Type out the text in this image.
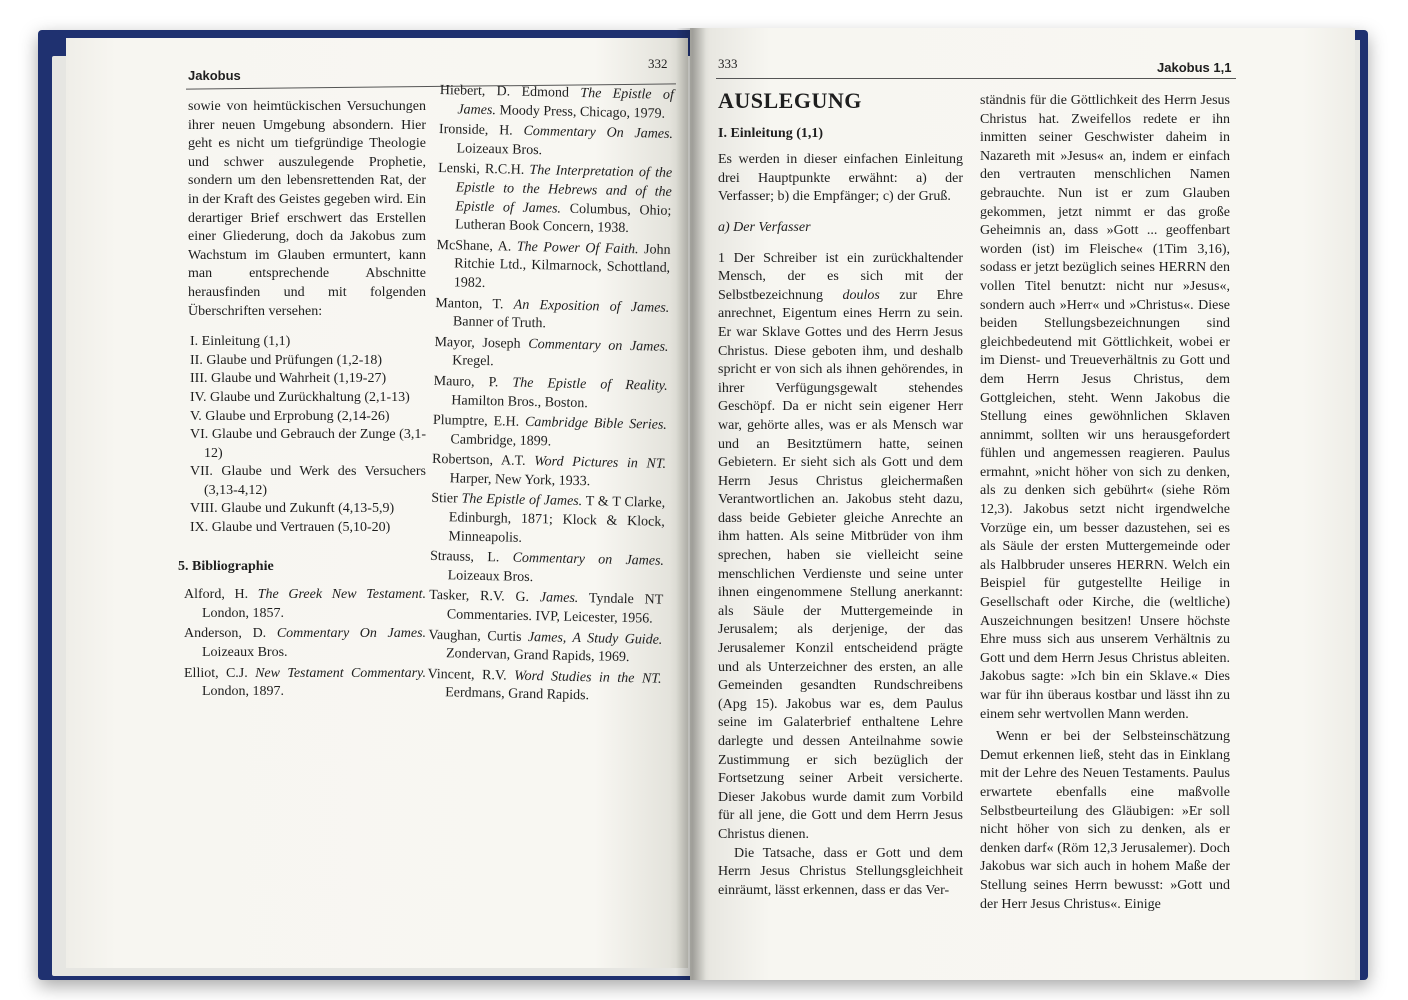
Jakobus
332

sowie von heimtückischen Versuchungen ihrer neuen Umgebung absondern. Hier geht es nicht um tiefgründige Theologie und schwer auszulegende Prophetie, sondern um den lebensrettenden Rat, der in der Kraft des Geistes gegeben wird. Ein derartiger Brief erschwert das Erstellen einer Gliederung, doch da Jakobus zum Wachstum im Glauben ermuntert, kann man entsprechende Abschnitte herausfinden und mit folgenden Überschriften versehen:

I. Einleitung (1,1)

II. Glaube und Prüfungen (1,2-18)

III. Glaube und Wahrheit (1,19-27)

IV. Glaube und Zurückhaltung (2,1-13)

V. Glaube und Erprobung (2,14-26)

VI. Glaube und Gebrauch der Zunge (3,1-12)

VII. Glaube und Werk des Versuchers (3,13-4,12)

VIII. Glaube und Zukunft (4,13-5,9)

IX. Glaube und Vertrauen (5,10-20)

5. Bibliographie

Alford, H. The Greek New Testament. London, 1857.

Anderson, D. Commentary On James. Loizeaux Bros.

Elliot, C.J. New Testament Commentary. London, 1897.

Hiebert, D. Edmond The Epistle of James. Moody Press, Chicago, 1979.

Ironside, H. Commentary On James. Loizeaux Bros.

Lenski, R.C.H. The Interpretation of the Epistle to the Hebrews and of the Epistle of James. Columbus, Ohio; Lutheran Book Concern, 1938.

McShane, A. The Power Of Faith. John Ritchie Ltd., Kilmarnock, Schottland, 1982.

Manton, T. An Exposition of James. Banner of Truth.

Mayor, Joseph Commentary on James. Kregel.

Mauro, P. The Epistle of Reality. Hamilton Bros., Boston.

Plumptre, E.H. Cambridge Bible Series. Cambridge, 1899.

Robertson, A.T. Word Pictures in NT. Harper, New York, 1933.

Stier The Epistle of James. T & T Clarke, Edinburgh, 1871; Klock & Klock, Minneapolis.

Strauss, L. Commentary on James. Loizeaux Bros.

Tasker, R.V. G. James. Tyndale NT Commentaries. IVP, Leicester, 1956.

Vaughan, Curtis James, A Study Guide. Zondervan, Grand Rapids, 1969.

Vincent, R.V. Word Studies in the NT. Eerdmans, Grand Rapids.

333	Jakobus 1,1
AUSLEGUNG
I. Einleitung (1,1)

Es werden in dieser einfachen Einleitung drei Hauptpunkte erwähnt: a) der Verfasser; b) die Empfänger; c) der Gruß.

a) Der Verfasser

1 Der Schreiber ist ein zurückhaltender Mensch, der es sich mit der Selbstbezeichnung doulos zur Ehre anrechnet, Eigentum eines Herrn zu sein. Er war Sklave Gottes und des Herrn Jesus Christus. Diese geboten ihm, und deshalb spricht er von sich als ihnen gehörendes, in ihrer Verfügungsgewalt stehendes Geschöpf. Da er nicht sein eigener Herr war, gehörte alles, was er als Mensch war und an Besitztümern hatte, seinen Gebietern. Er sieht sich als Gott und dem Herrn Jesus Christus gleichermaßen Verantwortlichen an. Jakobus steht dazu, dass beide Gebieter gleiche Anrechte an ihm hatten. Als seine Mitbrüder von ihm sprechen, haben sie vielleicht seine menschlichen Verdienste und seine unter ihnen eingenommene Stellung anerkannt: als Säule der Muttergemeinde in Jerusalem; als derjenige, der das Jerusalemer Konzil entscheidend prägte und als Unterzeichner des ersten, an alle Gemeinden gesandten Rundschreibens (Apg 15). Jakobus war es, dem Paulus seine im Galaterbrief enthaltene Lehre darlegte und dessen Anteilnahme sowie Zustimmung er sich bezüglich der Fortsetzung seiner Arbeit versicherte. Dieser Jakobus wurde damit zum Vorbild für all jene, die Gott und dem Herrn Jesus Christus dienen.

Die Tatsache, dass er Gott und dem Herrn Jesus Christus Stellungsgleichheit einräumt, lässt erkennen, dass er das Ver-

ständnis für die Göttlichkeit des Herrn Jesus Christus hat. Zweifellos redete er ihn inmitten seiner Geschwister daheim in Nazareth mit »Jesus« an, indem er einfach den vertrauten menschlichen Namen gebrauchte. Nun ist er zum Glauben gekommen, jetzt nimmt er das große Geheimnis an, dass »Gott ... geoffenbart worden (ist) im Fleische« (1Tim 3,16), sodass er jetzt bezüglich seines HERRN den vollen Titel benutzt: nicht nur »Jesus«, sondern auch »Herr« und »Christus«. Diese beiden Stellungsbezeichnungen sind gleichbedeutend mit Göttlichkeit, wobei er im Dienst- und Treueverhältnis zu Gott und dem Herrn Jesus Christus, dem Gottgleichen, steht. Wenn Jakobus die Stellung eines gewöhnlichen Sklaven annimmt, sollten wir uns herausgefordert fühlen und angemessen reagieren. Paulus ermahnt, »nicht höher von sich zu denken, als zu denken sich gebührt« (siehe Röm 12,3). Jakobus setzt nicht irgendwelche Vorzüge ein, um besser dazustehen, sei es als Säule der ersten Muttergemeinde oder als Halbbruder unseres HERRN. Welch ein Beispiel für gutgestellte Heilige in Gesellschaft oder Kirche, die (weltliche) Auszeichnungen besitzen! Unsere höchste Ehre muss sich aus unserem Verhältnis zu Gott und dem Herrn Jesus Christus ableiten. Jakobus sagte: »Ich bin ein Sklave.« Dies war für ihn überaus kostbar und lässt ihn zu einem sehr wertvollen Mann werden.

Wenn er bei der Selbsteinschätzung Demut erkennen ließ, steht das in Einklang mit der Lehre des Neuen Testaments. Paulus erwartete ebenfalls eine maßvolle Selbstbeurteilung des Gläubigen: »Er soll nicht höher von sich zu denken, als er denken darf« (Röm 12,3 Jerusalemer). Doch Jakobus war sich auch in hohem Maße der Stellung seines Herrn bewusst: »Gott und der Herr Jesus Christus«. Einige
